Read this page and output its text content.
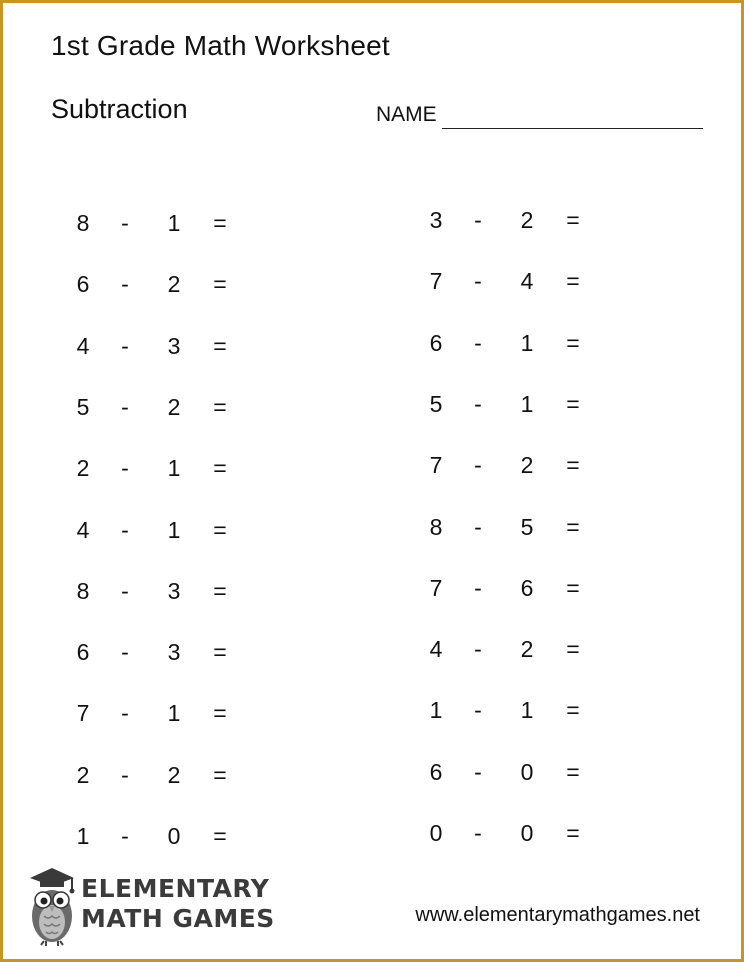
1st Grade Math Worksheet
Subtraction	NAME
8 - 1 =
6 - 2 =
4 - 3 =
5 - 2 =
2 - 1 =
4 - 1 =
8 - 3 =
6 - 3 =
7 - 1 =
2 - 2 =
1 - 0 =
3 - 2 =
7 - 4 =
6 - 1 =
5 - 1 =
7 - 2 =
8 - 5 =
7 - 6 =
4 - 2 =
1 - 1 =
6 - 0 =
0 - 0 =
ELEMENTARY
MATH GAMES	www.elementarymathgames.net
